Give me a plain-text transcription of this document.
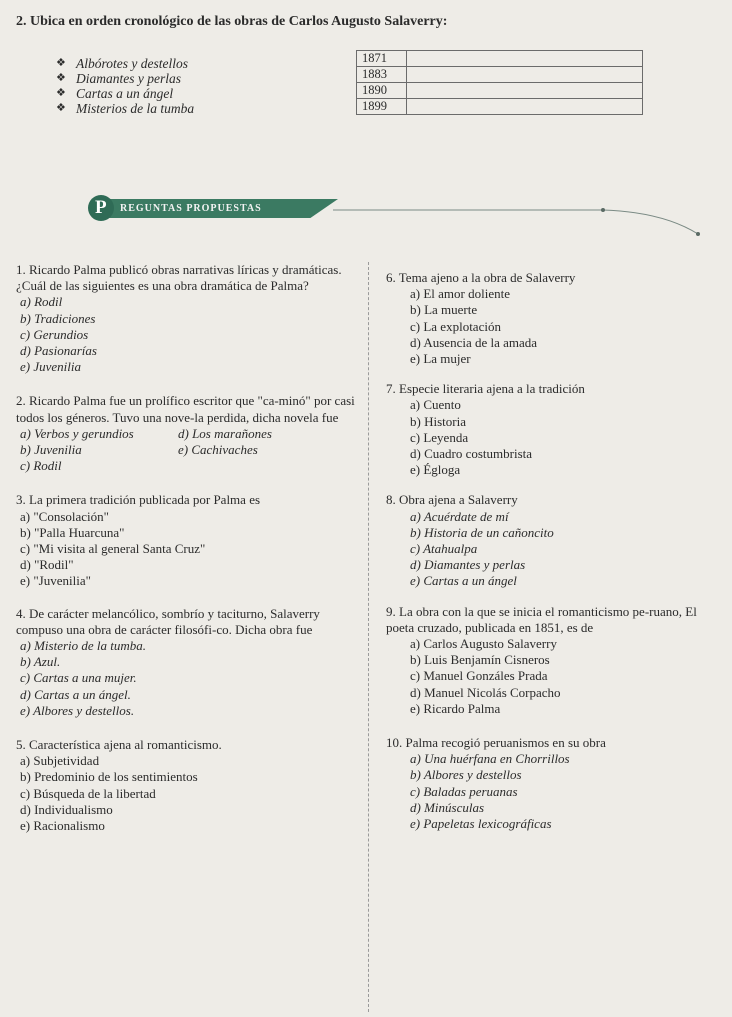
2. Ubica en orden cronológico de las obras de Carlos Augusto Salaverry:
❖ Albórotes y destellos
❖ Diamantes y perlas
❖ Cartas a un ángel
❖ Misterios de la tumba
1871	
1883	
1890	
1899	
P REGUNTAS PROPUESTAS
1. Ricardo Palma publicó obras narrativas líricas y dramáticas. ¿Cuál de las siguientes es una obra dramática de Palma?
a) Rodil
b) Tradiciones
c) Gerundios
d) Pasionarías
e) Juvenilia
2. Ricardo Palma fue un prolífico escritor que "ca-minó" por casi todos los géneros. Tuvo una nove-la perdida, dicha novela fue
a) Verbos y gerundios	d) Los marañones
b) Juvenilia	e) Cachivaches
c) Rodil
3. La primera tradición publicada por Palma es
a) "Consolación"
b) "Palla Huarcuna"
c) "Mi visita al general Santa Cruz"
d) "Rodil"
e) "Juvenilia"
4. De carácter melancólico, sombrío y taciturno, Salaverry compuso una obra de carácter filosófi-co. Dicha obra fue
a) Misterio de la tumba.
b) Azul.
c) Cartas a una mujer.
d) Cartas a un ángel.
e) Albores y destellos.
5. Característica ajena al romanticismo.
a) Subjetividad
b) Predominio de los sentimientos
c) Búsqueda de la libertad
d) Individualismo
e) Racionalismo
6. Tema ajeno a la obra de Salaverry
a) El amor doliente
b) La muerte
c) La explotación
d) Ausencia de la amada
e) La mujer
7. Especie literaria ajena a la tradición
a) Cuento
b) Historia
c) Leyenda
d) Cuadro costumbrista
e) Égloga
8. Obra ajena a Salaverry
a) Acuérdate de mí
b) Historia de un cañoncito
c) Atahualpa
d) Diamantes y perlas
e) Cartas a un ángel
9. La obra con la que se inicia el romanticismo pe-ruano, El poeta cruzado, publicada en 1851, es de
a) Carlos Augusto Salaverry
b) Luis Benjamín Cisneros
c) Manuel Gonzáles Prada
d) Manuel Nicolás Corpacho
e) Ricardo Palma
10. Palma recogió peruanismos en su obra
a) Una huérfana en Chorrillos
b) Albores y destellos
c) Baladas peruanas
d) Minúsculas
e) Papeletas lexicográficas
